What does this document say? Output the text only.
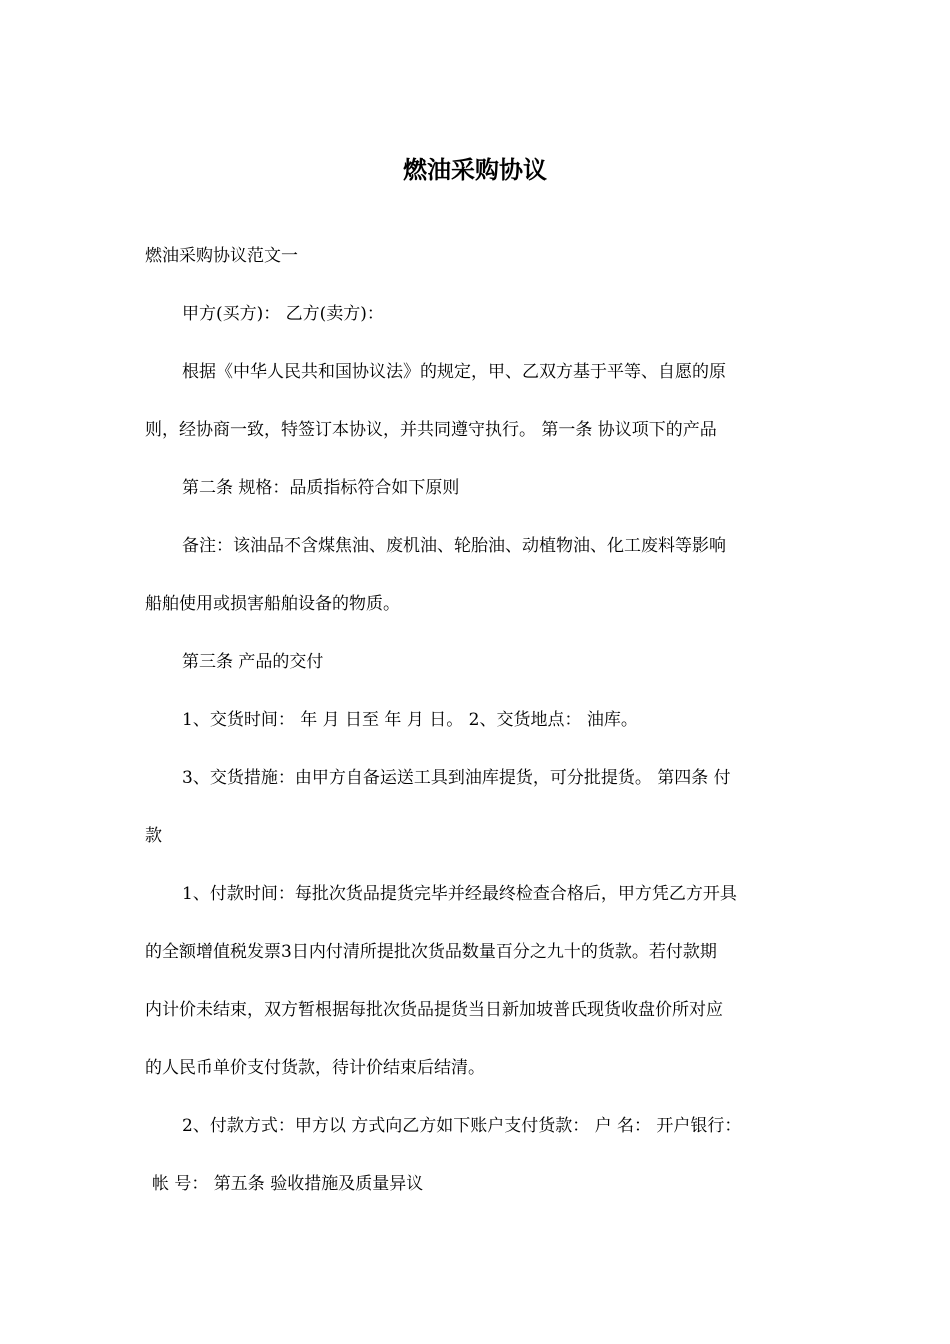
燃油采购协议

燃油采购协议范文一

甲方(买方)： 乙方(卖方)：

根据《中华人民共和国协议法》的规定，甲、乙双方基于平等、自愿的原

则，经协商一致，特签订本协议，并共同遵守执行。 第一条 协议项下的产品

第二条 规格：品质指标符合如下原则

备注：该油品不含煤焦油、废机油、轮胎油、动植物油、化工废料等影响

船舶使用或损害船舶设备的物质。

第三条 产品的交付

1、交货时间： 年 月 日至 年 月 日。 2、交货地点： 油库。

3、交货措施：由甲方自备运送工具到油库提货，可分批提货。 第四条 付

款

1、付款时间：每批次货品提货完毕并经最终检查合格后，甲方凭乙方开具

的全额增值税发票3日内付清所提批次货品数量百分之九十的货款。若付款期

内计价未结束，双方暂根据每批次货品提货当日新加坡普氏现货收盘价所对应

的人民币单价支付货款，待计价结束后结清。

2、付款方式：甲方以 方式向乙方如下账户支付货款： 户 名： 开户银行：

帐 号： 第五条 验收措施及质量异议
